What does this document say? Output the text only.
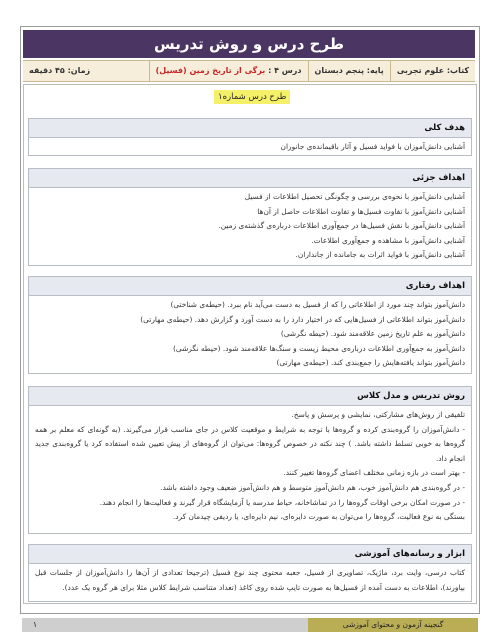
طرح درس و روش تدریس
کتاب: علوم تجربی
پایه: پنجم دبستان
درس ۴ : برگی از تاریخ زمین (فسیل)
زمان: ۴۵ دقیقه
طرح درس شماره۱
هدف کلی
آشنایی دانش‌آموزان با فواید فسیل و آثار باقیمانده‌ی جانوران
اهداف جزئی
آشنایی دانش‌آموز با نحوه‌ی بررسی و چگونگی تحصیل اطلاعات از فسیل
آشنایی دانش‌آموز با تفاوت فسیل‌ها و تفاوت اطلاعات حاصل از آن‌ها
آشنایی دانش‌آموز با نقش فسیل‌ها در جمع‌آوری اطلاعات درباره‌ی گذشته‌ی زمین.
آشنایی دانش‌آموز با مشاهده و جمع‌آوری اطلاعات.
آشنایی دانش‌آموز با فواید اثرات به جامانده از جانداران.
اهداف رفتاری
دانش‌آموز بتواند چند مورد از اطلاعاتی را که از فسیل به دست می‌آید نام ببرد. (حیطه‌ی شناختی)
دانش‌آموز بتواند اطلاعاتی از فسیل‌هایی که در اختیار دارد را به دست آورد و گزارش دهد. (حیطه‌ی مهارتی)
دانش‌آموز به علم تاریخ زمین علاقه‌مند شود. (حیطه نگرشی)
دانش‌آموز به جمع‌آوری اطلاعات درباره‌ی محیط زیست و سنگ‌ها علاقه‌مند شود. (حیطه نگرشی)
دانش‌آموز بتواند یافته‌هایش را جمع‌بندی کند. (حیطه‌ی مهارتی)
روش تدریس و مدل کلاس
تلفیقی از روش‌های مشارکتی، نمایشی و پرسش و پاسخ.
- دانش‌آموزان را گروه‌بندی کرده و گروه‌ها با توجه به شرایط و موقعیت کلاس در جای مناسب قرار می‌گیرند. (به گونه‌ای که معلم بر همه گروه‌ها به خوبی تسلط داشته باشد. ) چند نکته در خصوص گروه‌ها: می‌توان از گروه‌های از پیش تعیین شده استفاده کرد یا گروه‌بندی جدید انجام داد.
- بهتر است در بازه زمانی مختلف اعضای گروه‌ها تغییر کنند.
- در گروه‌بندی هم دانش‌آموز خوب، هم دانش‌آموز متوسط و هم دانش‌آموز ضعیف وجود داشته باشد.
- در صورت امکان برخی اوقات گروه‌ها را در تماشاخانه، حیاط مدرسه یا آزمایشگاه قرار گیرند و فعالیت‌ها را انجام دهند.
بستگی به نوع فعالیت، گروه‌ها را می‌توان به صورت دایره‌ای، نیم دایره‌ای، یا ردیفی چیدمان کرد.
ابزار و رسانه‌های آموزشی
کتاب درسی، وایت برد، ماژیک، تصاویری از فسیل، جعبه محتوی چند نوع فسیل (ترجیحا تعدادی از آن‌ها را دانش‌آموزان از جلسات قبل بیاورند)، اطلاعات به دست آمده از فسیل‌ها به صورت تایپ شده روی کاغذ (تعداد متناسب شرایط کلاس مثلا برای هر گروه یک عدد).
گنجینه آزمون و محتوای آموزشی
۱
